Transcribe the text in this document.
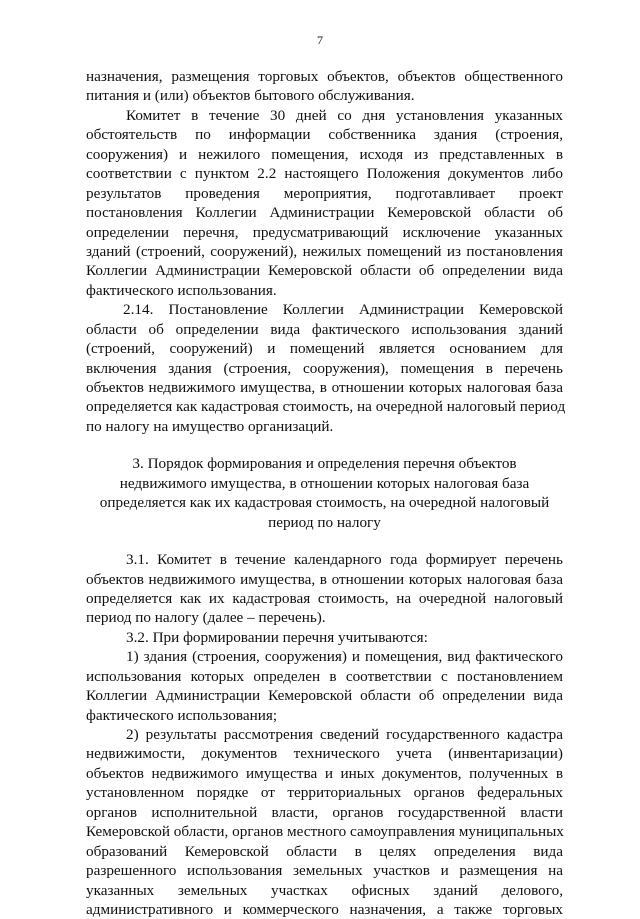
7
назначения, размещения торговых объектов, объектов общественного
питания и (или) объектов бытового обслуживания.
Комитет в течение 30 дней со дня установления указанных
обстоятельств по информации собственника здания (строения,
сооружения) и нежилого помещения, исходя из представленных в
соответствии с пунктом 2.2 настоящего Положения документов либо
результатов проведения мероприятия, подготавливает проект
постановления Коллегии Администрации Кемеровской области об
определении перечня, предусматривающий исключение указанных
зданий (строений, сооружений), нежилых помещений из постановления
Коллегии Администрации Кемеровской области об определении вида
фактического использования.
2.14. Постановление Коллегии Администрации Кемеровской
области об определении вида фактического использования зданий
(строений, сооружений) и помещений является основанием для
включения здания (строения, сооружения), помещения в перечень
объектов недвижимого имущества, в отношении которых налоговая база
определяется как кадастровая стоимость, на очередной налоговый период
по налогу на имущество организаций.
3. Порядок формирования и определения перечня объектов
недвижимого имущества, в отношении которых налоговая база
определяется как их кадастровая стоимость, на очередной налоговый
период по налогу
3.1. Комитет в течение календарного года формирует перечень
объектов недвижимого имущества, в отношении которых налоговая база
определяется как их кадастровая стоимость, на очередной налоговый
период по налогу (далее – перечень).
3.2. При формировании перечня учитываются:
1) здания (строения, сооружения) и помещения, вид фактического
использования которых определен в соответствии с постановлением
Коллегии Администрации Кемеровской области об определении вида
фактического использования;
2) результаты рассмотрения сведений государственного кадастра
недвижимости, документов технического учета (инвентаризации)
объектов недвижимого имущества и иных документов, полученных в
установленном порядке от территориальных органов федеральных
органов исполнительной власти, органов государственной власти
Кемеровской области, органов местного самоуправления муниципальных
образований Кемеровской области в целях определения вида
разрешенного использования земельных участков и размещения на
указанных земельных участках офисных зданий делового,
административного и коммерческого назначения, а также торговых
